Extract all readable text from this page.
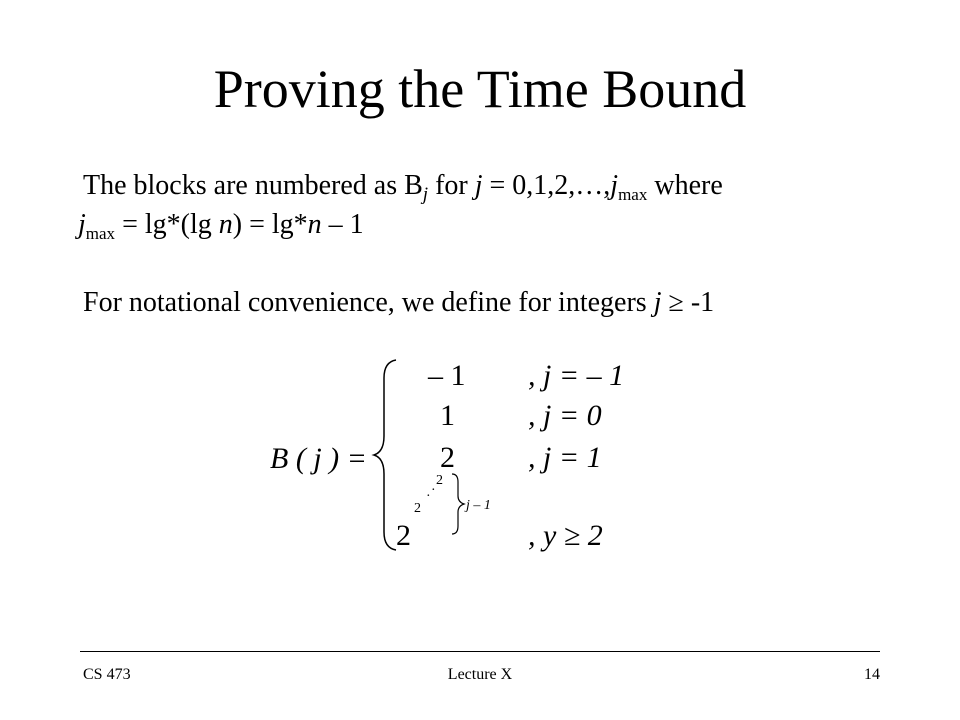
Proving the Time Bound
The blocks are numbered as $B_j$ for $j = 0,1,2,\dots,j_{max}$ where
$j_{max} = \lg*(\lg$ n) = lg*n – 1
For notational convenience, we define for integers j ≥ -1
B ( j ) =
– 1 , j = – 1
1 , j = 0
2 , j = 1
2
2
· ·
2
j – 1
, y ≥ 2
CS 473	Lecture X	14
